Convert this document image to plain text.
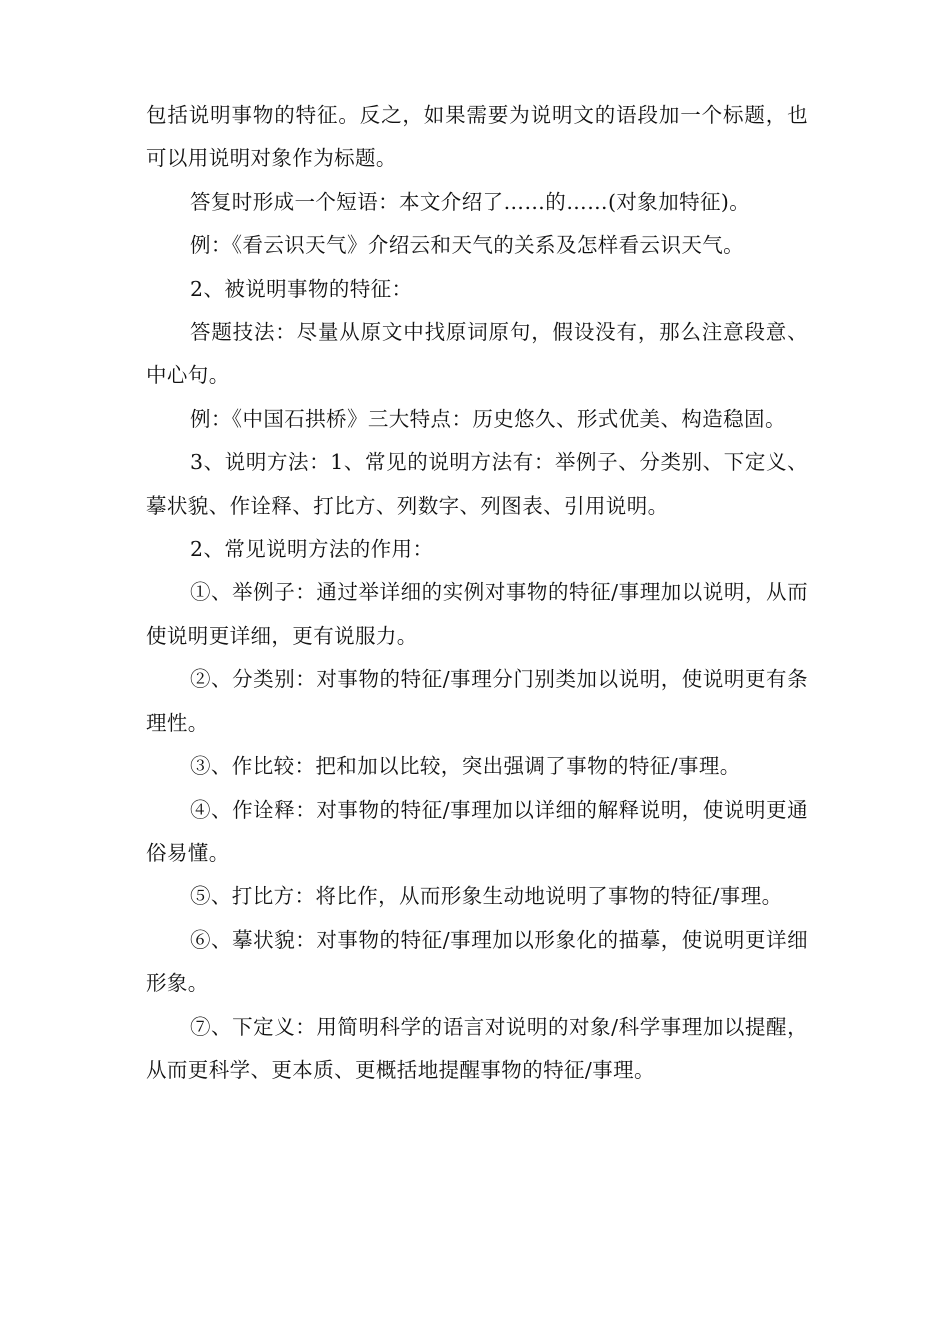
包括说明事物的特征。反之，如果需要为说明文的语段加一个标题，也可以用说明对象作为标题。

答复时形成一个短语：本文介绍了……的……(对象加特征)。

例：《看云识天气》介绍云和天气的关系及怎样看云识天气。

2、被说明事物的特征：

答题技法：尽量从原文中找原词原句，假设没有，那么注意段意、中心句。

例：《中国石拱桥》三大特点：历史悠久、形式优美、构造稳固。

3、说明方法：1、常见的说明方法有：举例子、分类别、下定义、摹状貌、作诠释、打比方、列数字、列图表、引用说明。

2、常见说明方法的作用：

①、举例子：通过举详细的实例对事物的特征/事理加以说明，从而使说明更详细，更有说服力。

②、分类别：对事物的特征/事理分门别类加以说明，使说明更有条理性。

③、作比较：把和加以比较，突出强调了事物的特征/事理。

④、作诠释：对事物的特征/事理加以详细的解释说明，使说明更通俗易懂。

⑤、打比方：将比作，从而形象生动地说明了事物的特征/事理。

⑥、摹状貌：对事物的特征/事理加以形象化的描摹，使说明更详细形象。

⑦、下定义：用简明科学的语言对说明的对象/科学事理加以提醒，从而更科学、更本质、更概括地提醒事物的特征/事理。
